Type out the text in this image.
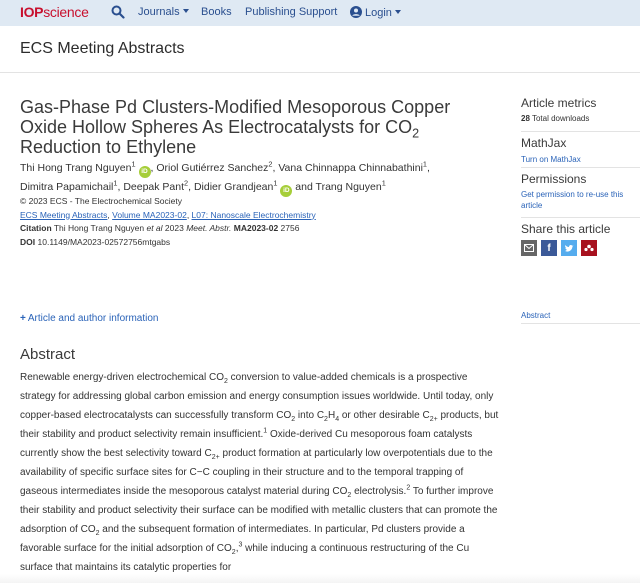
IOPscience	Journals	Books Publishing Support	Login
ECS Meeting Abstracts
Gas-Phase Pd Clusters-Modified Mesoporous Copper Oxide Hollow Spheres As Electrocatalysts for $CO_2$ Reduction to Ethylene
Thi Hong Trang Nguyen$^1$ iD , Oriol Gutiérrez Sanchez$^2$, Vana Chinnappa Chinnabathini$^1$,
Dimitra Papamichail$^1$, Deepak Pant$^2$, Didier Grandjean$^1$ iD and Trang Nguyen$^1$
© 2023 ECS - The Electrochemical Society
ECS Meeting Abstracts, Volume MA2023-02, L07: Nanoscale Electrochemistry
Citation Thi Hong Trang Nguyen et al 2023 Meet. Abstr. MA2023-02 2756
DOI 10.1149/MA2023-02572756mtgabs
+ Article and author information
Abstract
Renewable energy-driven electrochemical $CO_2$ conversion to value-added chemicals is a prospective strategy for addressing global carbon emission and energy consumption issues worldwide. Until today, only copper-based electrocatalysts can successfully transform $CO_2$ into $C_2H_4$ or other desirable $C_{2+}$ products, but their stability and product selectivity remain insufficient.$^1$ Oxide-derived Cu mesoporous foam catalysts currently show the best selectivity toward $C_{2+}$ product formation at particularly low overpotentials due to the availability of specific surface sites for C−C coupling in their structure and to the temporal trapping of gaseous intermediates inside the mesoporous catalyst material during $CO_2$ electrolysis.$^2$ To further improve their stability and product selectivity their surface can be modified with metallic clusters that can promote the adsorption of $CO_2$ and the subsequent formation of intermediates. In particular, Pd clusters provide a favorable surface for the initial adsorption of $CO_2,^3$ while inducing a continuous restructuring of the Cu surface that maintains its catalytic properties for
Article metrics
28 Total downloads
MathJax
Turn on MathJax
Permissions
Get permission to re-use this article
Share this article
f
Abstract
